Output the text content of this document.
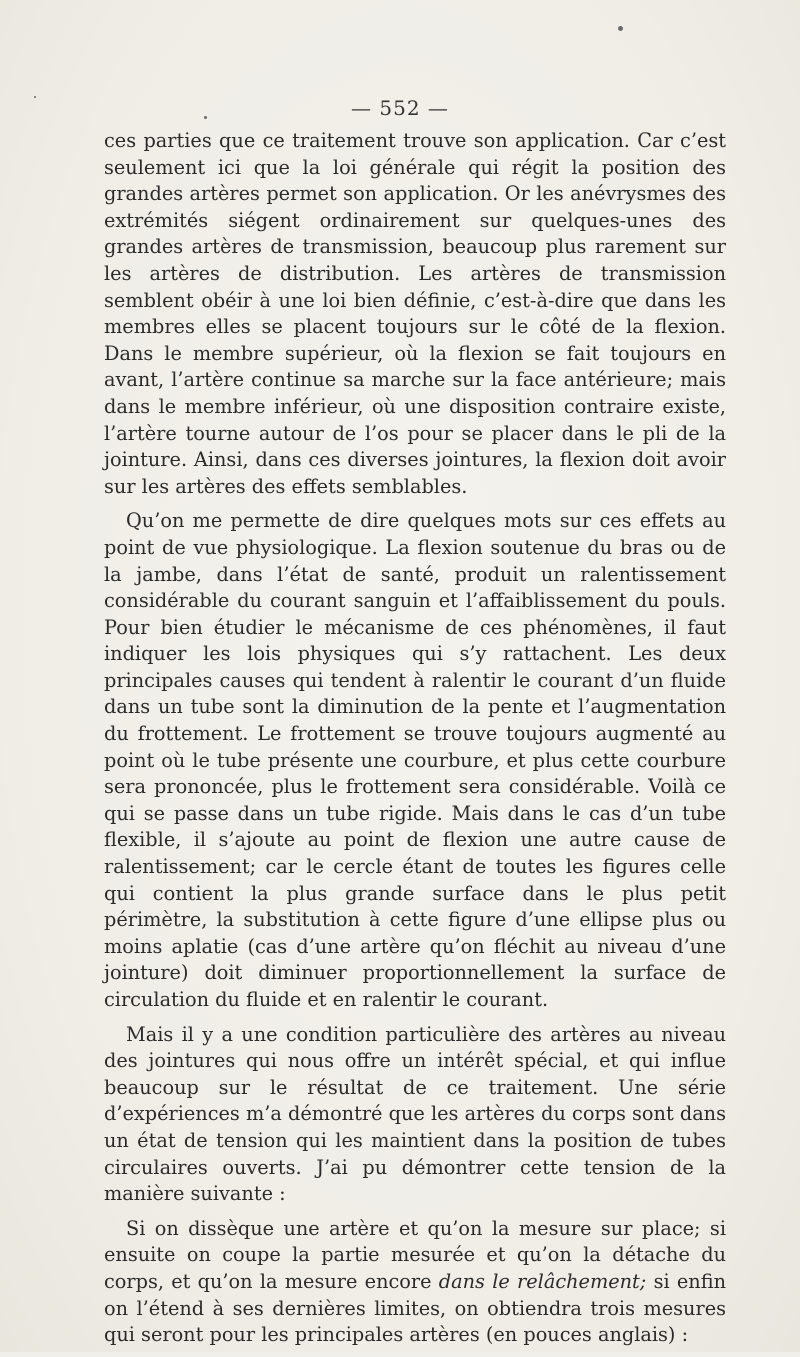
— 552 —

ces parties que ce traitement trouve son application. Car c’est seulement ici que la loi générale qui régit la position des grandes artères permet son application. Or les anévrysmes des extrémités siégent ordinairement sur quelques-unes des grandes artères de transmission, beaucoup plus rarement sur les artères de distribution. Les artères de transmission semblent obéir à une loi bien définie, c’est-à-dire que dans les membres elles se placent toujours sur le côté de la flexion. Dans le membre supérieur, où la flexion se fait toujours en avant, l’artère continue sa marche sur la face antérieure; mais dans le membre inférieur, où une disposition contraire existe, l’artère tourne autour de l’os pour se placer dans le pli de la jointure. Ainsi, dans ces diverses jointures, la flexion doit avoir sur les artères des effets semblables.

Qu’on me permette de dire quelques mots sur ces effets au point de vue physiologique. La flexion soutenue du bras ou de la jambe, dans l’état de santé, produit un ralentissement considérable du courant sanguin et l’affaiblissement du pouls. Pour bien étudier le mécanisme de ces phénomènes, il faut indiquer les lois physiques qui s’y rattachent. Les deux principales causes qui tendent à ralentir le courant d’un fluide dans un tube sont la diminution de la pente et l’augmentation du frottement. Le frottement se trouve toujours augmenté au point où le tube présente une courbure, et plus cette courbure sera prononcée, plus le frottement sera considérable. Voilà ce qui se passe dans un tube rigide. Mais dans le cas d’un tube flexible, il s’ajoute au point de flexion une autre cause de ralentissement; car le cercle étant de toutes les figures celle qui contient la plus grande surface dans le plus petit périmètre, la substitution à cette figure d’une ellipse plus ou moins aplatie (cas d’une artère qu’on fléchit au niveau d’une jointure) doit diminuer proportionnellement la surface de circulation du fluide et en ralentir le courant.

Mais il y a une condition particulière des artères au niveau des jointures qui nous offre un intérêt spécial, et qui influe beaucoup sur le résultat de ce traitement. Une série d’expériences m’a démontré que les artères du corps sont dans un état de tension qui les maintient dans la position de tubes circulaires ouverts. J’ai pu démontrer cette tension de la manière suivante :

Si on dissèque une artère et qu’on la mesure sur place; si ensuite on coupe la partie mesurée et qu’on la détache du corps, et qu’on la mesure encore dans le relâchement; si enfin on l’étend à ses dernières limites, on obtiendra trois mesures qui seront pour les principales artères (en pouces anglais) :
